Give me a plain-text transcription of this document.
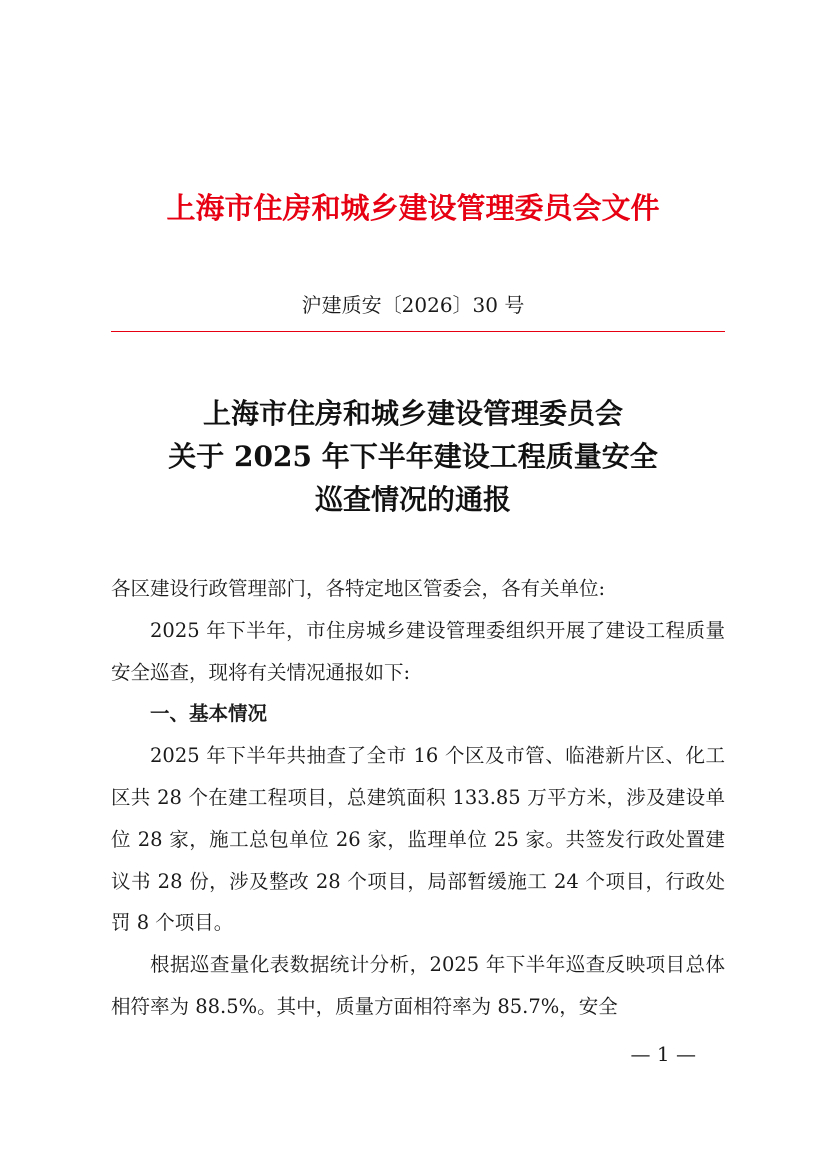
上海市住房和城乡建设管理委员会文件
沪建质安〔2026〕30 号
上海市住房和城乡建设管理委员会
关于 2025 年下半年建设工程质量安全
巡查情况的通报

各区建设行政管理部门，各特定地区管委会，各有关单位:

2025 年下半年，市住房城乡建设管理委组织开展了建设工程质量安全巡查，现将有关情况通报如下:

一、基本情况

2025 年下半年共抽查了全市 16 个区及市管、临港新片区、化工区共 28 个在建工程项目，总建筑面积 133.85 万平方米，涉及建设单位 28 家，施工总包单位 26 家，监理单位 25 家。共签发行政处置建议书 28 份，涉及整改 28 个项目，局部暂缓施工 24 个项目，行政处罚 8 个项目。

根据巡查量化表数据统计分析，2025 年下半年巡查反映项目总体相符率为 88.5%。其中，质量方面相符率为 85.7%，安全

— 1 —
